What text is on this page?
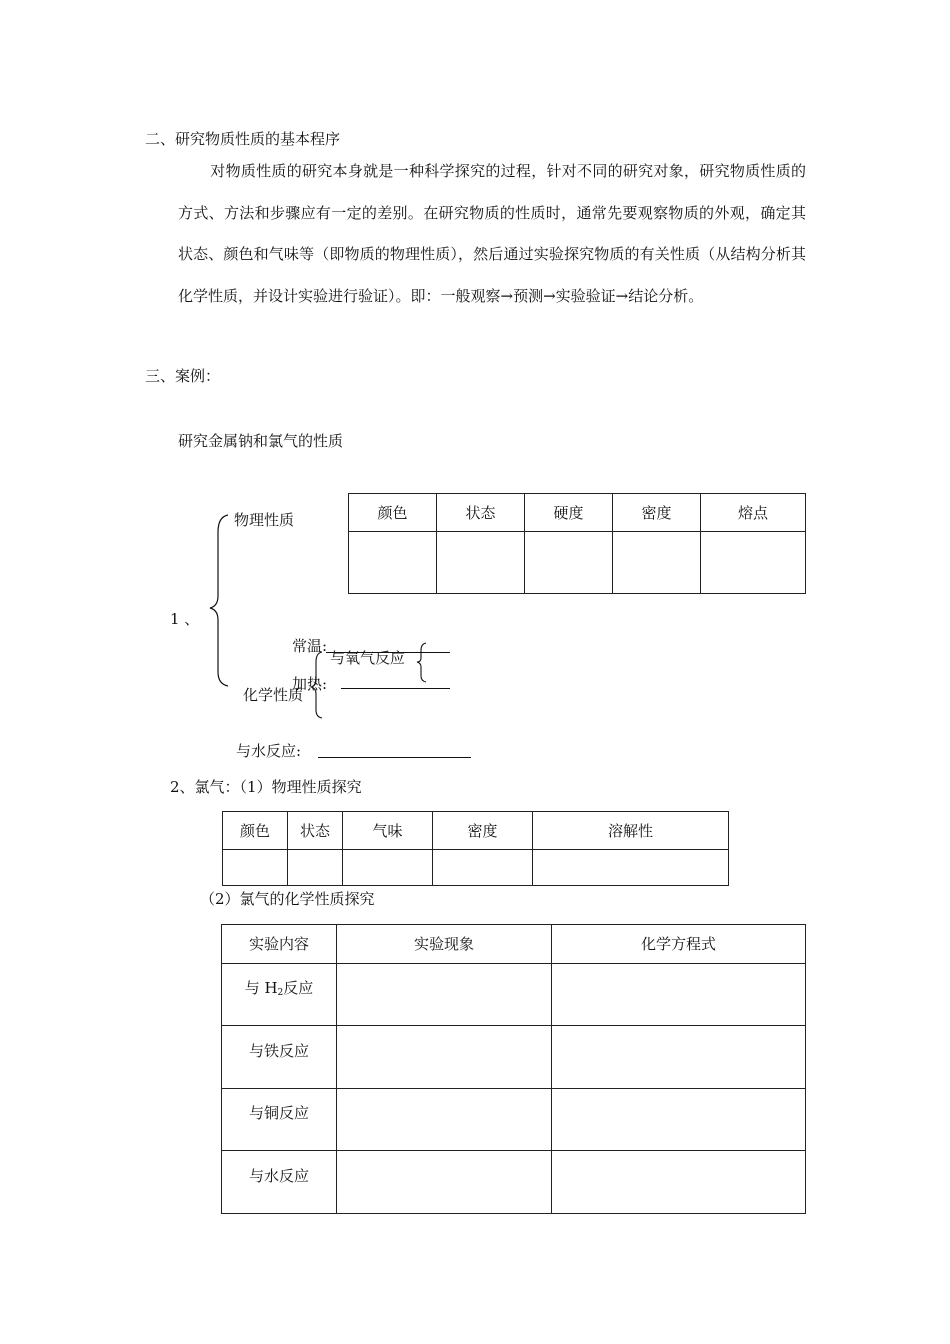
二、研究物质性质的基本程序
对物质性质的研究本身就是一种科学探究的过程，针对不同的研究对象，研究物质性质的方式、方法和步骤应有一定的差别。在研究物质的性质时，通常先要观察物质的外观，确定其状态、颜色和气味等（即物质的物理性质），然后通过实验探究物质的有关性质（从结构分析其化学性质，并设计实验进行验证）。即：一般观察→预测→实验验证→结论分析。
三、案例：
研究金属钠和氯气的性质
1 、
物理性质	颜色	状态	硬度	密度	熔点

常温:
加热:
与氧气反应
化学性质
与水反应:
2、氯气：（1）物理性质探究
颜色	状态	气味	密度	溶解性

（2）氯气的化学性质探究
实验内容	实验现象	化学方程式
与 $H_2$反应		
与铁反应		
与铜反应		
与水反应		
